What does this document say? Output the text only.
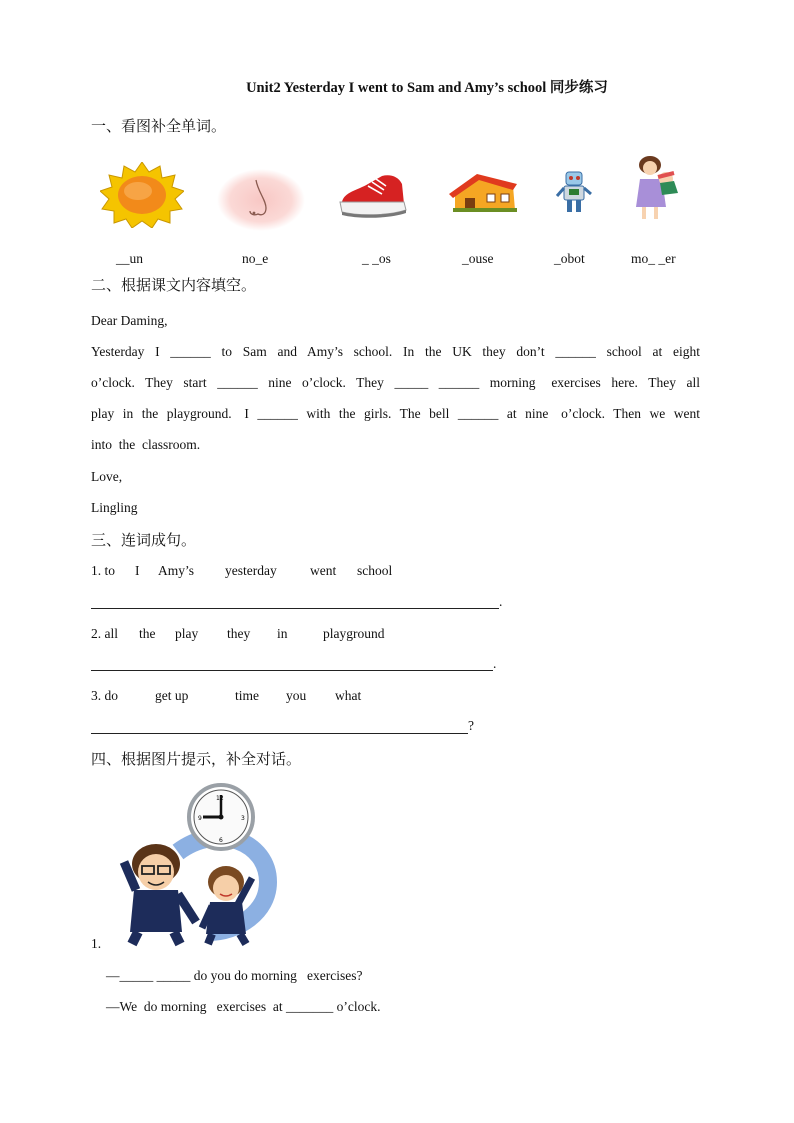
Unit2 Yesterday I went to Sam and Amy’s school 同步练习
一、看图补全单词。
__un	no_e	_ _os	_ouse	_obot	mo_ _er
二、根据课文内容填空。
Dear Daming,
Yesterday  I  ______  to  Sam  and  Amy’s  school.  In  the  UK  they  don’t  ______  school  at  eight
o’clock.  They  start  ______  nine  o’clock.  They  _____  ______  morning   exercises  here.  They  all
play  in  the  playground.   I  ______  with  the  girls.  The  bell  ______  at  nine   o’clock.  Then  we  went
into  the  classroom.
Love,
Lingling
三、连词成句。
1. to I Amy’s yesterday went school
.
2. all the play they in	playground
.
3. do	get up	time you what
?
四、根据图片提示，补全对话。
12
3
6
9
1.
—_____ _____ do you do morning   exercises?
—We  do morning   exercises  at _______ o’clock.
